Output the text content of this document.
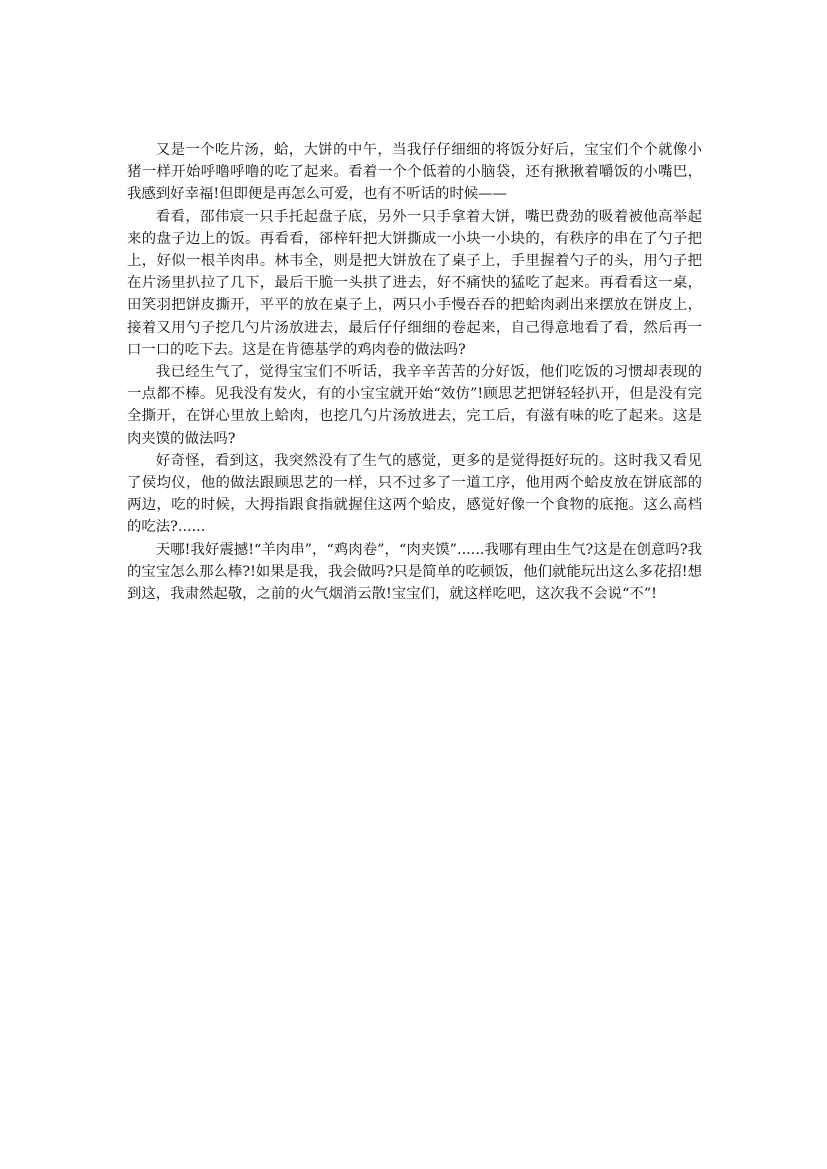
又是一个吃片汤，蛤，大饼的中午，当我仔仔细细的将饭分好后，宝宝们个个就像小猪一样开始呼噜呼噜的吃了起来。看着一个个低着的小脑袋，还有揪揪着嚼饭的小嘴巴，我感到好幸福!但即便是再怎么可爱，也有不听话的时候——

看看，邵伟宸一只手托起盘子底，另外一只手拿着大饼，嘴巴费劲的吸着被他高举起来的盘子边上的饭。再看看，郤梓轩把大饼撕成一小块一小块的，有秩序的串在了勺子把上，好似一根羊肉串。林韦全，则是把大饼放在了桌子上，手里握着勺子的头，用勺子把在片汤里扒拉了几下，最后干脆一头拱了进去，好不痛快的猛吃了起来。再看看这一桌，田笑羽把饼皮撕开，平平的放在桌子上，两只小手慢吞吞的把蛤肉剥出来摆放在饼皮上，接着又用勺子挖几勺片汤放进去，最后仔仔细细的卷起来，自己得意地看了看，然后再一口一口的吃下去。这是在肯德基学的鸡肉卷的做法吗?

我已经生气了，觉得宝宝们不听话，我辛辛苦苦的分好饭，他们吃饭的习惯却表现的一点都不棒。见我没有发火，有的小宝宝就开始“效仿”!顾思艺把饼轻轻扒开，但是没有完全撕开，在饼心里放上蛤肉，也挖几勺片汤放进去，完工后，有滋有味的吃了起来。这是肉夹馍的做法吗?

好奇怪，看到这，我突然没有了生气的感觉，更多的是觉得挺好玩的。这时我又看见了侯均仪，他的做法跟顾思艺的一样，只不过多了一道工序，他用两个蛤皮放在饼底部的两边，吃的时候，大拇指跟食指就握住这两个蛤皮，感觉好像一个食物的底拖。这么高档的吃法?......

天哪!我好震撼!“羊肉串”，“鸡肉卷”，“肉夹馍”......我哪有理由生气?这是在创意吗?我的宝宝怎么那么棒?!如果是我，我会做吗?只是简单的吃顿饭，他们就能玩出这么多花招!想到这，我肃然起敬，之前的火气烟消云散!宝宝们，就这样吃吧，这次我不会说“不”!
